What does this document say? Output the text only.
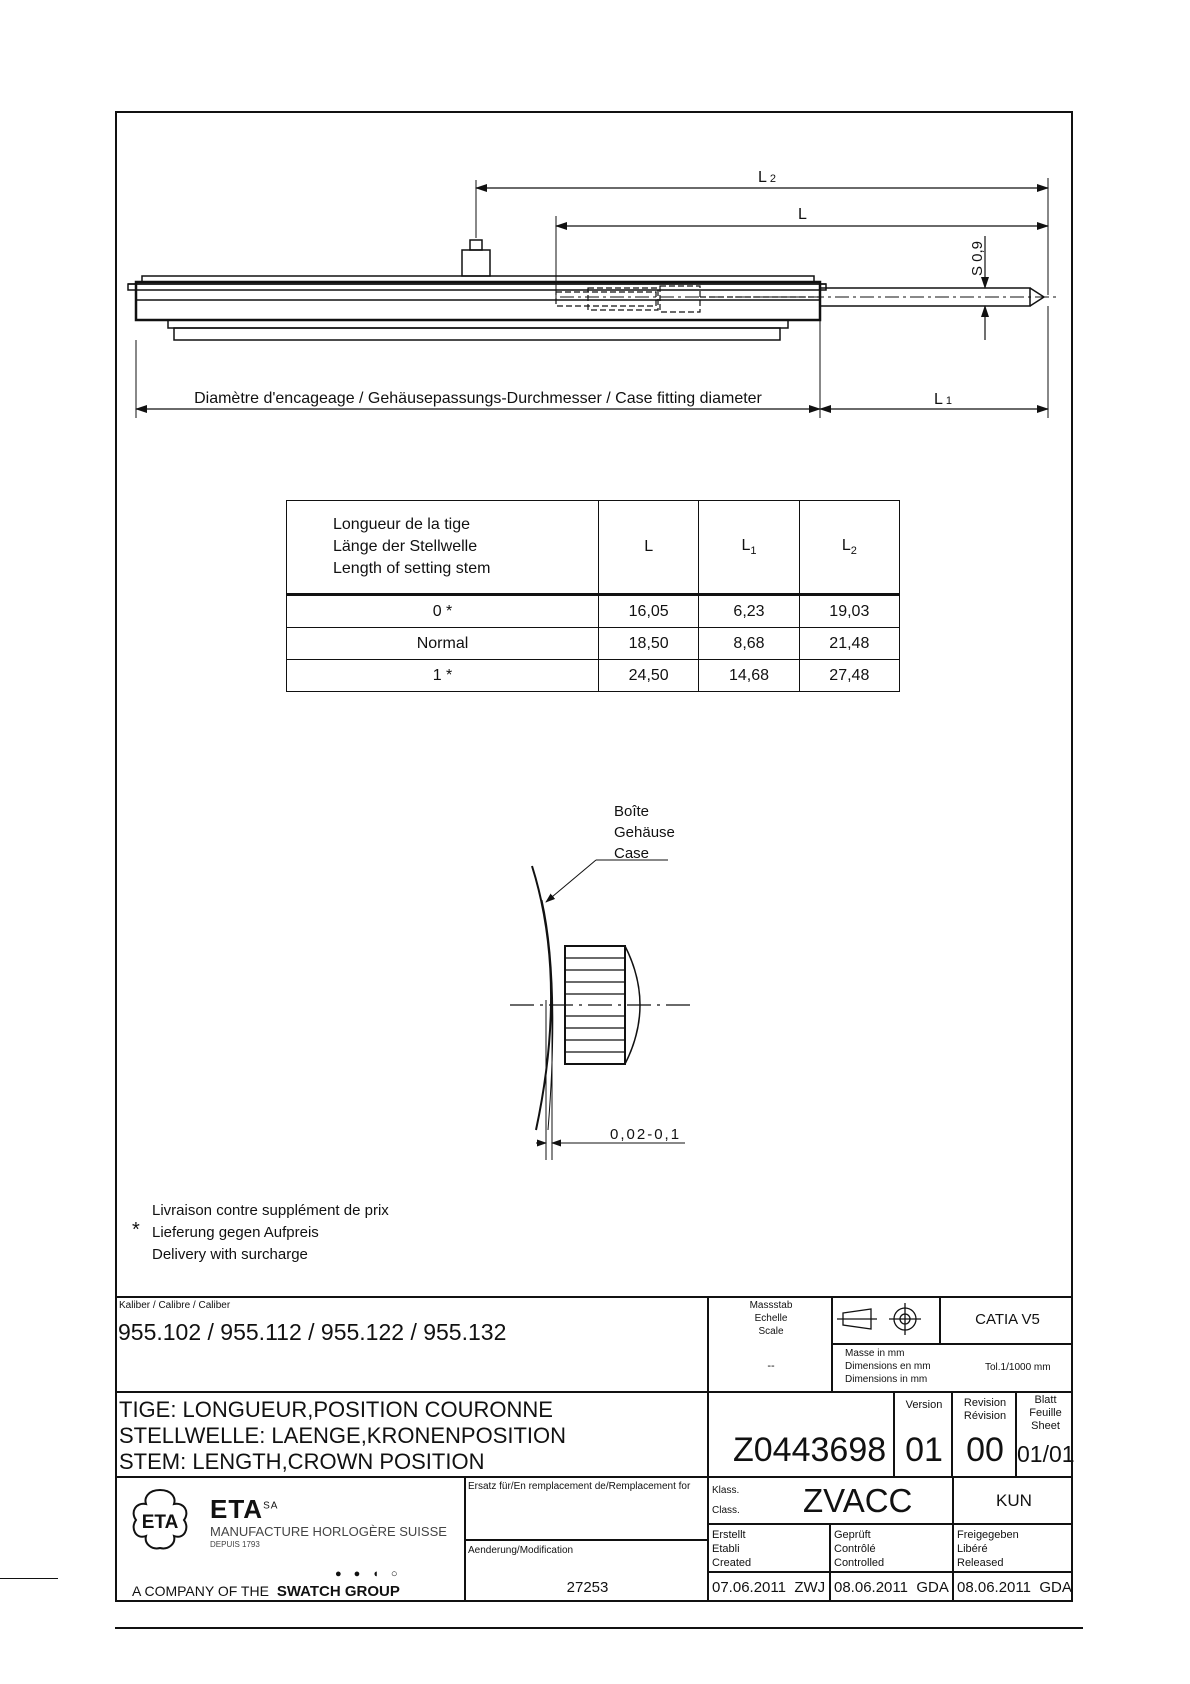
L 2
L
L 1
S 0,9
Diamètre d'encageage / Gehäusepassungs-Durchmesser / Case fitting diameter
Longueur de la tige
Länge der Stellwelle
Length of setting stem	L	$L_1$	$L_2$
0 *	16,05	6,23	19,03
Normal	18,50	8,68	21,48
1 *	24,50	14,68	27,48
Boîte
Gehäuse
Case
0,02-0,1
*
Livraison contre supplément de prix
Lieferung gegen Aufpreis
Delivery with surcharge
Kaliber / Calibre / Caliber
955.102 / 955.112 / 955.122 / 955.132
Massstab
Echelle
Scale
--
CATIA V5
Masse in mm
Dimensions en mm
Dimensions in mm
Tol.1/1000 mm
TIGE: LONGUEUR,POSITION COURONNE
STELLWELLE: LAENGE,KRONENPOSITION
STEM: LENGTH,CROWN POSITION	Z0443698
Version
01
Revision
Révision
00
Blatt
Feuille
Sheet
01/01
ETA $ETA^{SA}$
MANUFACTURE HORLOGÈRE SUISSE
DEPUIS 1793
A COMPANY OF THE SWATCH GROUP
●●◖○
Ersatz für/En remplacement de/Remplacement for
Aenderung/Modification
27253
Klass.
Class. ZVACC	KUN
Erstellt
Etabli
Created
Geprüft
Contrôlé
Controlled
Freigegeben
Libéré
Released
07.06.2011 ZWJ 08.06.2011 GDA 08.06.2011 GDA
